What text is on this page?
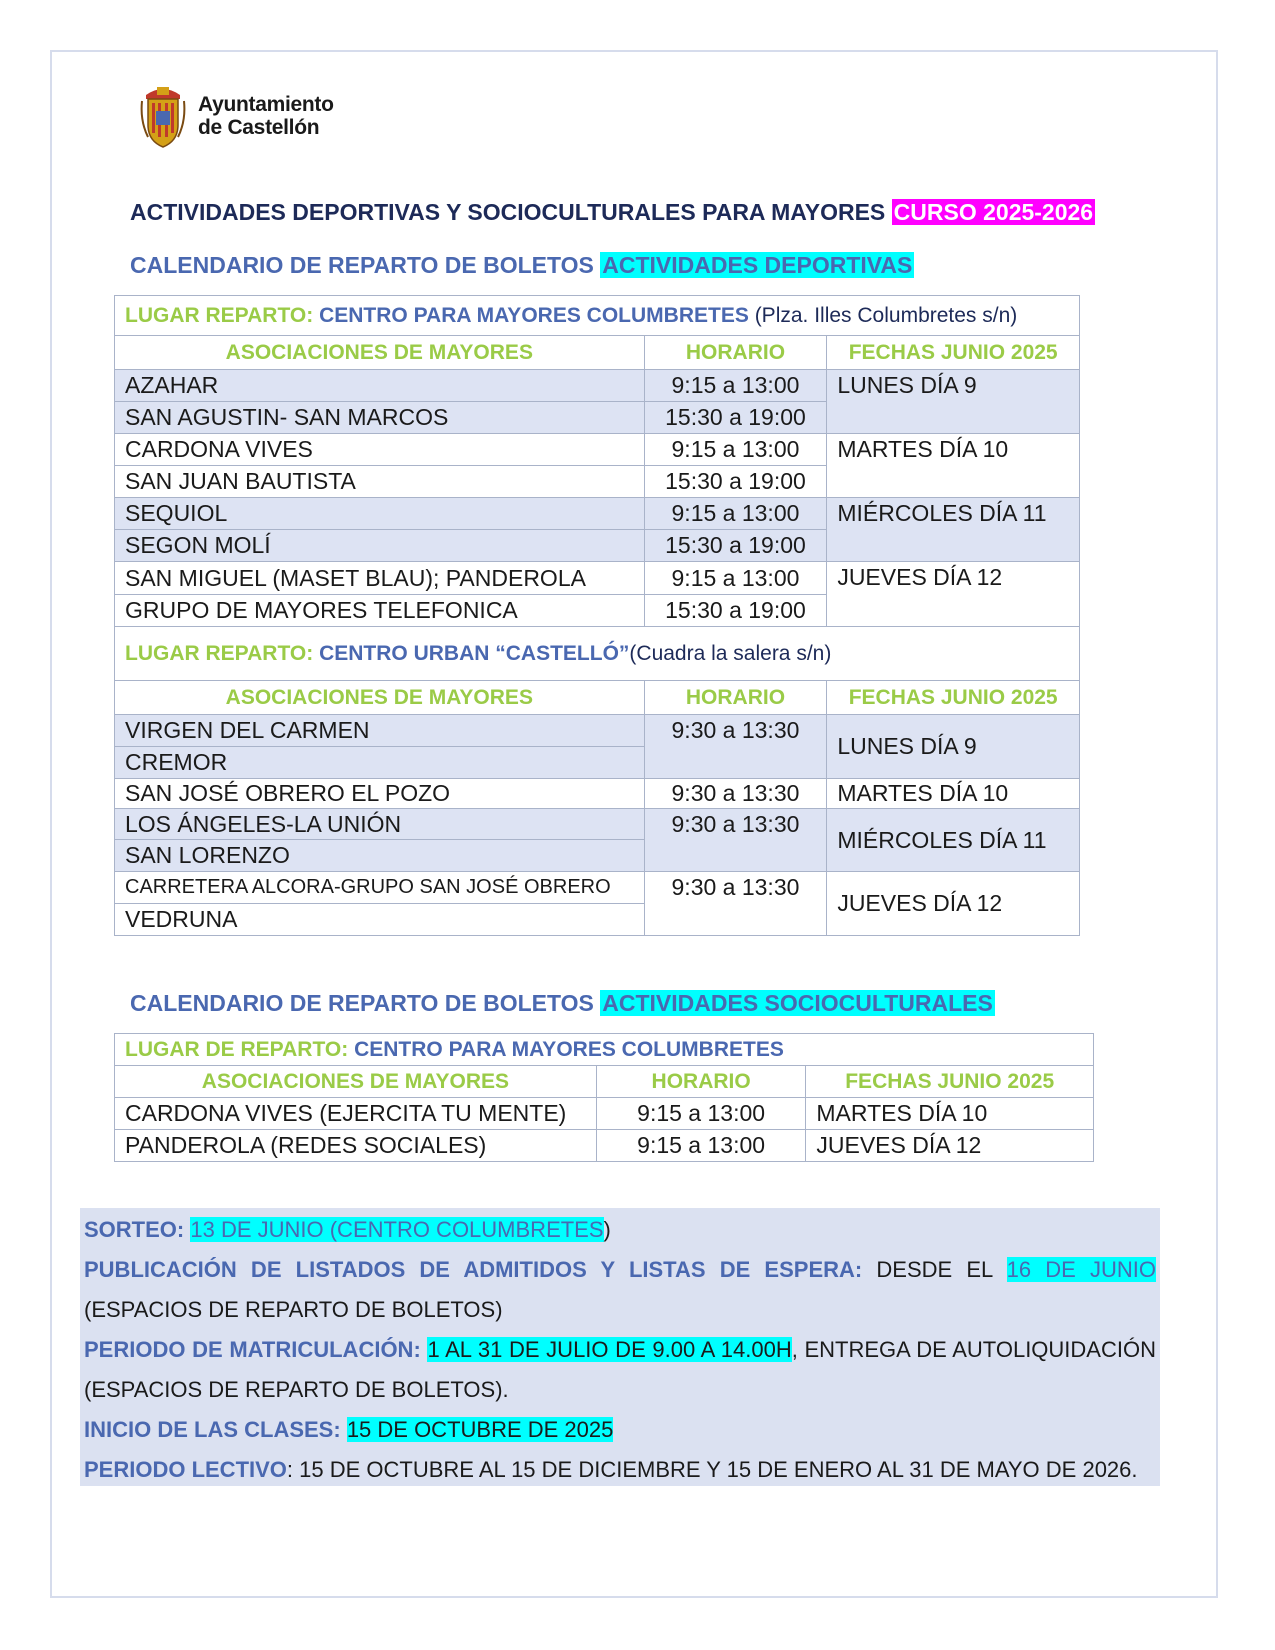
Ayuntamiento
de Castellón
ACTIVIDADES DEPORTIVAS Y SOCIOCULTURALES PARA MAYORES CURSO 2025-2026
CALENDARIO DE REPARTO DE BOLETOS ACTIVIDADES DEPORTIVAS
LUGAR REPARTO: CENTRO PARA MAYORES COLUMBRETES (Plza. Illes Columbretes s/n)		
ASOCIACIONES DE MAYORES	HORARIO	FECHAS JUNIO 2025
AZAHAR	9:15 a 13:00	LUNES DÍA 9
SAN AGUSTIN- SAN MARCOS	15:30 a 19:00	
CARDONA VIVES	9:15 a 13:00	MARTES DÍA 10
SAN JUAN BAUTISTA	15:30 a 19:00	
SEQUIOL	9:15 a 13:00	MIÉRCOLES DÍA 11
SEGON MOLÍ	15:30 a 19:00	
SAN MIGUEL (MASET BLAU); PANDEROLA	9:15 a 13:00	JUEVES DÍA 12
GRUPO DE MAYORES TELEFONICA	15:30 a 19:00	
LUGAR REPARTO: CENTRO URBAN “CASTELLÓ”(Cuadra la salera s/n)		
ASOCIACIONES DE MAYORES	HORARIO	FECHAS JUNIO 2025
VIRGEN DEL CARMEN	9:30 a 13:30	LUNES DÍA 9
CREMOR		
SAN JOSÉ OBRERO EL POZO	9:30 a 13:30	MARTES DÍA 10
LOS ÁNGELES-LA UNIÓN	9:30 a 13:30	MIÉRCOLES DÍA 11
SAN LORENZO		
CARRETERA ALCORA-GRUPO SAN JOSÉ OBRERO	9:30 a 13:30	JUEVES DÍA 12
VEDRUNA		
CALENDARIO DE REPARTO DE BOLETOS ACTIVIDADES SOCIOCULTURALES
LUGAR DE REPARTO: CENTRO PARA MAYORES COLUMBRETES		
ASOCIACIONES DE MAYORES	HORARIO	FECHAS JUNIO 2025
CARDONA VIVES (EJERCITA TU MENTE)	9:15 a 13:00	MARTES DÍA 10
PANDEROLA (REDES SOCIALES)	9:15 a 13:00	JUEVES DÍA 12

SORTEO: 13 DE JUNIO (CENTRO COLUMBRETES)

PUBLICACIÓN DE LISTADOS DE ADMITIDOS Y LISTAS DE ESPERA: DESDE EL 16 DE JUNIO (ESPACIOS DE REPARTO DE BOLETOS)

PERIODO DE MATRICULACIÓN: 1 AL 31 DE JULIO DE 9.00 A 14.00H, ENTREGA DE AUTOLIQUIDACIÓN (ESPACIOS DE REPARTO DE BOLETOS).

INICIO DE LAS CLASES: 15 DE OCTUBRE DE 2025

PERIODO LECTIVO: 15 DE OCTUBRE AL 15 DE DICIEMBRE Y 15 DE ENERO AL 31 DE MAYO DE 2026.
